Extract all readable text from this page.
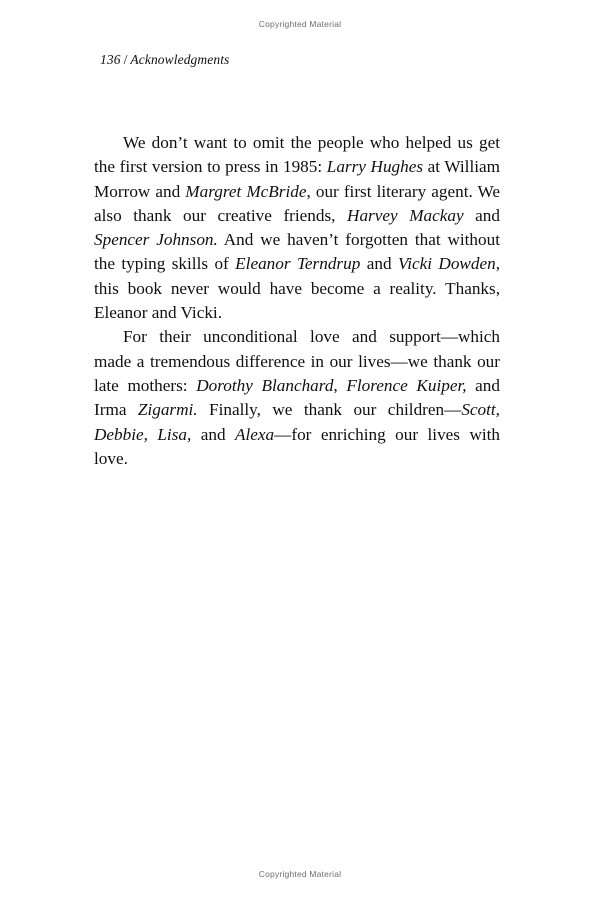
Copyrighted Material
136 / Acknowledgments

We don’t want to omit the people who helped us get the first version to press in 1985: Larry Hughes at William Morrow and Margret McBride, our first literary agent. We also thank our creative friends, Harvey Mackay and Spencer Johnson. And we haven’t forgotten that without the typing skills of Eleanor Terndrup and Vicki Dowden, this book never would have become a reality. Thanks, Eleanor and Vicki.

For their unconditional love and support—which made a tremendous difference in our lives—we thank our late mothers: Dorothy Blanchard, Florence Kuiper, and Irma Zigarmi. Finally, we thank our children—Scott, Debbie, Lisa, and Alexa—for enriching our lives with love.

Copyrighted Material
